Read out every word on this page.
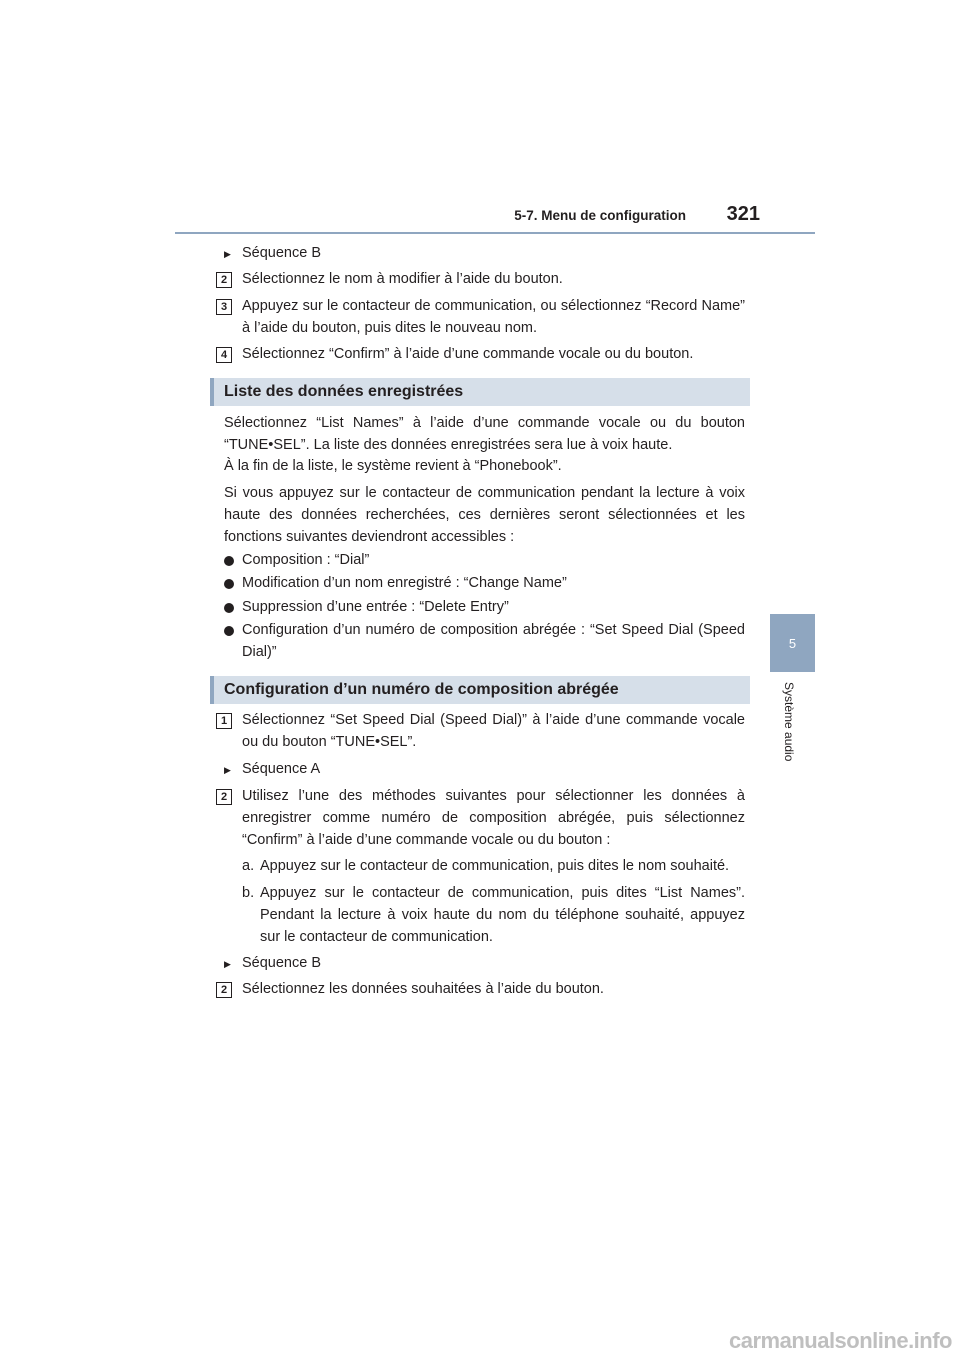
5-7. Menu de configuration	321
5
Système audio
▶ Séquence B
2	Sélectionnez le nom à modifier à l’aide du bouton.
3	Appuyez sur le contacteur de communication, ou sélectionnez “Record Name” à l’aide du bouton, puis dites le nouveau nom.
4	Sélectionnez “Confirm” à l’aide d’une commande vocale ou du bouton.
Liste des données enregistrées
Sélectionnez “List Names” à l’aide d’une commande vocale ou du bouton “TUNE•SEL”. La liste des données enregistrées sera lue à voix haute.
À la fin de la liste, le système revient à “Phonebook”.
Si vous appuyez sur le contacteur de communication pendant la lecture à voix haute des données recherchées, ces dernières seront sélectionnées et les fonctions suivantes deviendront accessibles :
Composition : “Dial”
Modification d’un nom enregistré : “Change Name”
Suppression d’une entrée : “Delete Entry”
Configuration d’un numéro de composition abrégée : “Set Speed Dial (Speed Dial)”
Configuration d’un numéro de composition abrégée
1	Sélectionnez “Set Speed Dial (Speed Dial)” à l’aide d’une commande vocale ou du bouton “TUNE•SEL”.
▶ Séquence A
2	Utilisez l’une des méthodes suivantes pour sélectionner les données à enregistrer comme numéro de composition abrégée, puis sélectionnez “Confirm” à l’aide d’une commande vocale ou du bouton :
a. Appuyez sur le contacteur de communication, puis dites le nom souhaité.
b. Appuyez sur le contacteur de communication, puis dites “List Names”. Pendant la lecture à voix haute du nom du téléphone souhaité, appuyez sur le contacteur de communication.
▶ Séquence B
2	Sélectionnez les données souhaitées à l’aide du bouton.
carmanualsonline.info
